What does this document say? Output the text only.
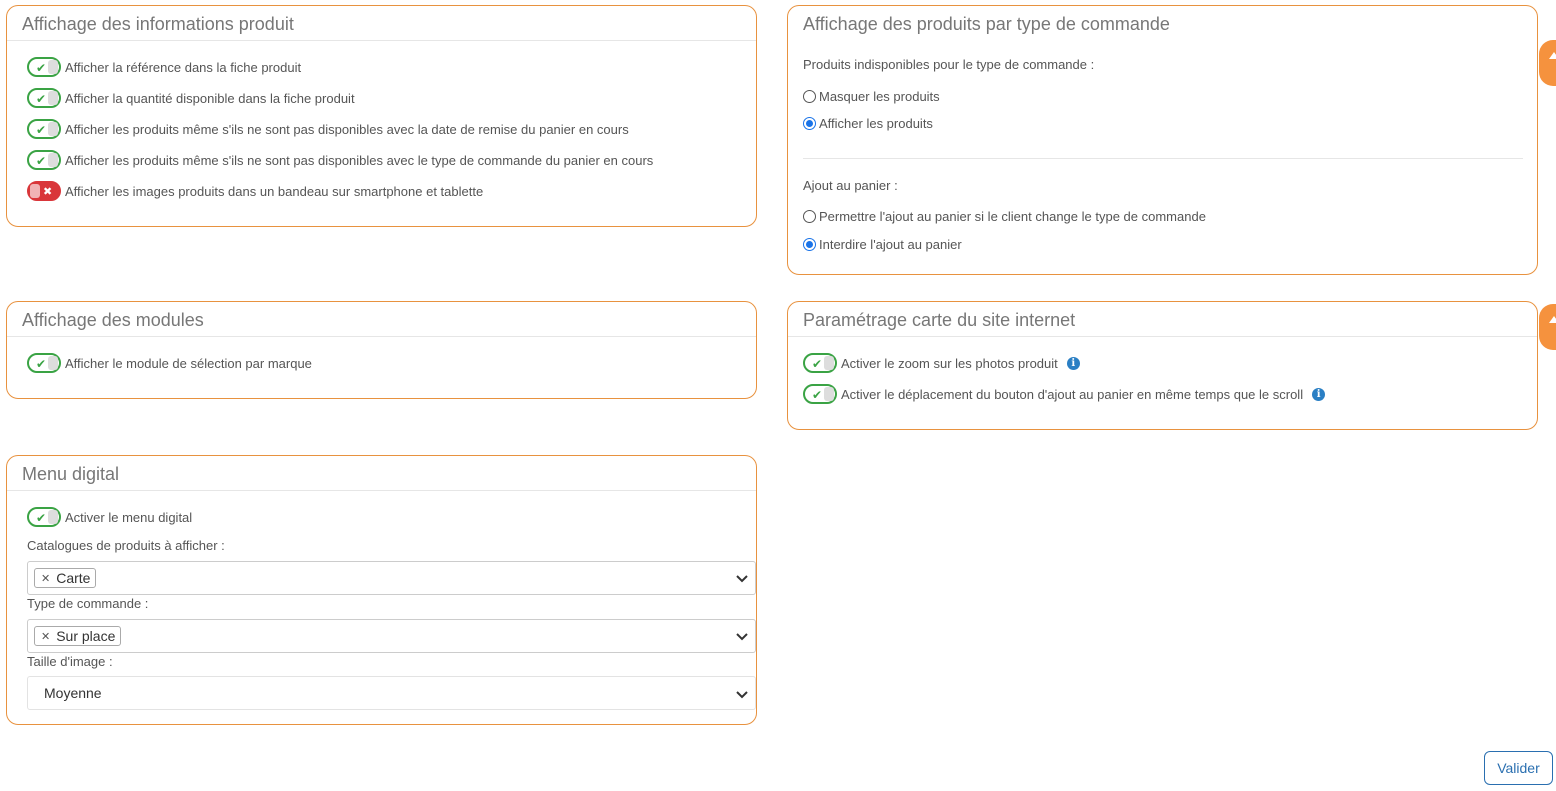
Affichage des informations produit
✔ Afficher la référence dans la fiche produit
✔ Afficher la quantité disponible dans la fiche produit
✔ Afficher les produits même s'ils ne sont pas disponibles avec la date de remise du panier en cours
✔ Afficher les produits même s'ils ne sont pas disponibles avec le type de commande du panier en cours
✖ Afficher les images produits dans un bandeau sur smartphone et tablette
Affichage des produits par type de commande
Produits indisponibles pour le type de commande :
Masquer les produits
Afficher les produits
Ajout au panier :
Permettre l'ajout au panier si le client change le type de commande
Interdire l'ajout au panier
Affichage des modules
✔ Afficher le module de sélection par marque
Paramétrage carte du site internet
✔ Activer le zoom sur les photos produit	i
✔ Activer le déplacement du bouton d'ajout au panier en même temps que le scroll	i
Menu digital
✔ Activer le menu digital
Catalogues de produits à afficher :
✕ Carte
Type de commande :
✕ Sur place
Taille d'image :
Moyenne
Valider
